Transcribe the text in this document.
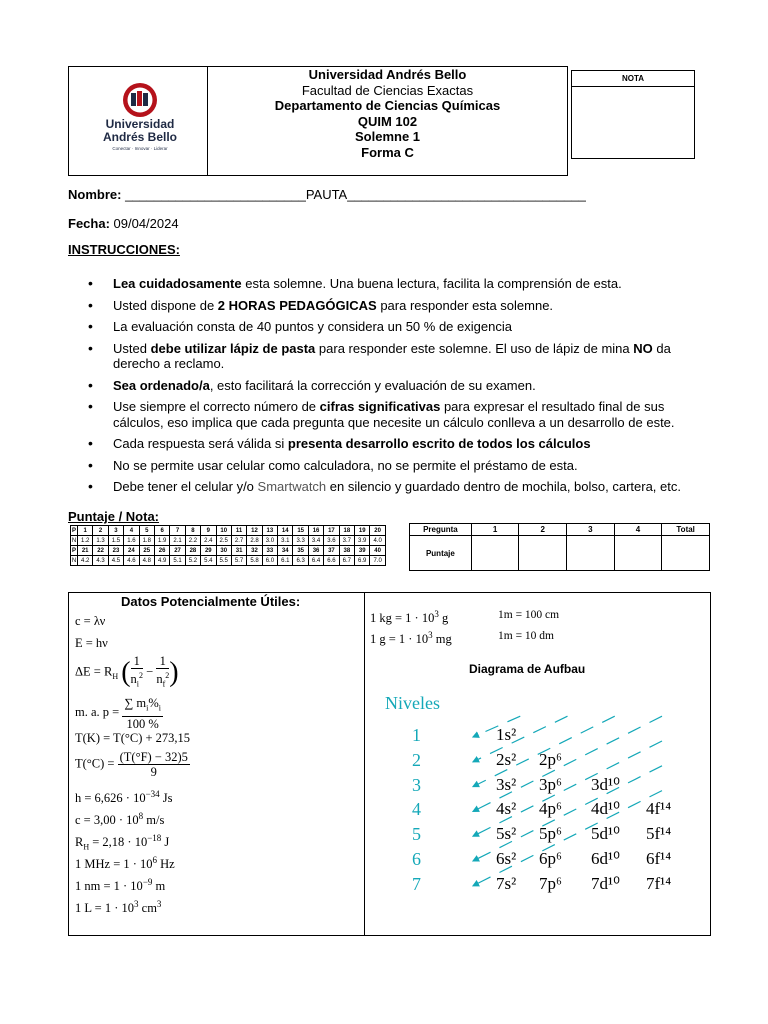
Universidad
Andrés Bello
Conectar · Innovar · Liderar
Universidad Andrés Bello
Facultad de Ciencias Exactas
Departamento de Ciencias Químicas
QUIM 102
Solemne 1
Forma C
NOTA
Nombre: _________________________PAUTA_________________________________
Fecha: 09/04/2024
INSTRUCCIONES:
• Lea cuidadosamente esta solemne. Una buena lectura, facilita la comprensión de esta.
• Usted dispone de 2 HORAS PEDAGÓGICAS para responder esta solemne.
• La evaluación consta de 40 puntos y considera un 50 % de exigencia
• Usted debe utilizar lápiz de pasta para responder este solemne. El uso de lápiz de mina NO da derecho a reclamo.
• Sea ordenado/a, esto facilitará la corrección y evaluación de su examen.
• Use siempre el correcto número de cifras significativas para expresar el resultado final de sus cálculos, eso implica que cada pregunta que necesite un cálculo conlleva a un desarrollo de este.
• Cada respuesta será válida si presenta desarrollo escrito de todos los cálculos
• No se permite usar celular como calculadora, no se permite el préstamo de esta.
• Debe tener el celular y/o Smartwatch en silencio y guardado dentro de mochila, bolso, cartera, etc.
Puntaje / Nota:
P	1	2	3	4	5	6	7	8	9	10	11	12	13	14	15	16	17	18	19	20
N	1.2	1.3	1.5	1.6	1.8	1.9	2.1	2.2	2.4	2.5	2.7	2.8	3.0	3.1	3.3	3.4	3.6	3.7	3.9	4.0
P	21	22	23	24	25	26	27	28	29	30	31	32	33	34	35	36	37	38	39	40
N	4.2	4.3	4.5	4.6	4.8	4.9	5.1	5.2	5.4	5.5	5.7	5.8	6.0	6.1	6.3	6.4	6.6	6.7	6.9	7.0
Pregunta	1	2	3	4	Total
Puntaje					
Datos Potencialmente Útiles:
c = λν
E = hν
$\Delta E = R_H$ ( $\frac{1}{n_i^2} - \frac{1}{n_f^2}$ )
m. a. $p = \frac{\sum m_i\%_i}{100 \%}$
T(K) = T(°C) + 273,15
$T(^\circ C) = \frac{(T(^\circ F) - 32)5}{9}$
$h = 6,626 \cdot 10^{-34}$ Js
$c = 3,00 \cdot 10^8$ m/s
$R_H = 2,18 \cdot 10^{-18}$ J
1 MHz = $1 \cdot 10^6$ Hz
1 nm = $1 \cdot 10^{-9}$ m
1 $L = 1 \cdot 10^3$ $cm^3$
1 kg = $1 \cdot 10^3$ g	1m = 100 cm
1 $g = 1 \cdot 10^3$ mg	1m = 10 dm
Diagrama de Aufbau
Niveles
1	1s²
2	2s² 2p⁶
3	3s² 3p⁶ 3d¹⁰
4	4s² 4p⁶ 4d¹⁰ 4f¹⁴
5	5s² 5p⁶ 5d¹⁰ 5f¹⁴
6	6s² 6p⁶ 6d¹⁰ 6f¹⁴
7	7s² 7p⁶ 7d¹⁰ 7f¹⁴
